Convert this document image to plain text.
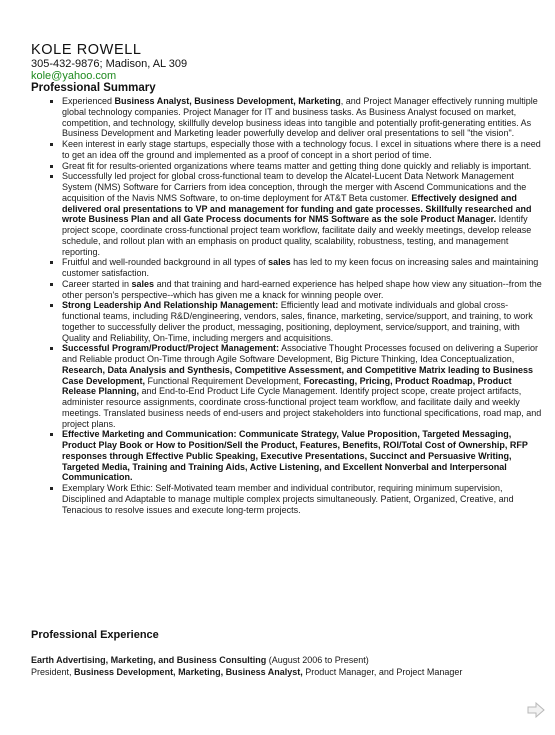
KOLE ROWELL
305-432-9876; Madison, AL 309
kole@yahoo.com
Professional Summary
Experienced Business Analyst, Business Development, Marketing, and Project Manager effectively running multiple global technology companies. Project Manager for IT and business tasks. As Business Analyst focused on market, competition, and technology, skillfully develop business ideas into tangible and potentially profit-generating entities. As Business Development and Marketing leader powerfully develop and deliver oral presentations to sell "the vision".
Keen interest in early stage startups, especially those with a technology focus. I excel in situations where there is a need to get an idea off the ground and implemented as a proof of concept in a short period of time.
Great fit for results-oriented organizations where teams matter and getting thing done quickly and reliably is important.
Successfully led project for global cross-functional team to develop the Alcatel-Lucent Data Network Management System (NMS) Software for Carriers from idea conception, through the merger with Ascend Communications and the acquisition of the Navis NMS Software, to on-time deployment for AT&T Beta customer. Effectively designed and delivered oral presentations to VP and management for funding and gate processes. Skillfully researched and wrote Business Plan and all Gate Process documents for NMS Software as the sole Product Manager. Identify project scope, coordinate cross-functional project team workflow, facilitate daily and weekly meetings, develop release schedule, and rollout plan with an emphasis on product quality, scalability, robustness, testing, and management reporting.
Fruitful and well-rounded background in all types of sales has led to my keen focus on increasing sales and maintaining customer satisfaction.
Career started in sales and that training and hard-earned experience has helped shape how view any situation--from the other person's perspective--which has given me a knack for winning people over.
Strong Leadership And Relationship Management: Efficiently lead and motivate individuals and global cross-functional teams, including R&D/engineering, vendors, sales, finance, marketing, service/support, and training, to work together to successfully deliver the product, messaging, positioning, deployment, service/support, and training, with Quality and Reliability, On-Time, including mergers and acquisitions.
Successful Program/Product/Project Management: Associative Thought Processes focused on delivering a Superior and Reliable product On-Time through Agile Software Development, Big Picture Thinking, Idea Conceptualization, Research, Data Analysis and Synthesis, Competitive Assessment, and Competitive Matrix leading to Business Case Development, Functional Requirement Development, Forecasting, Pricing, Product Roadmap, Product Release Planning, and End-to-End Product Life Cycle Management. Identify project scope, create project artifacts, administer resource assignments, coordinate cross-functional project team workflow, and facilitate daily and weekly meetings. Translated business needs of end-users and project stakeholders into functional specifications, road map, and project plans.
Effective Marketing and Communication: Communicate Strategy, Value Proposition, Targeted Messaging, Product Play Book or How to Position/Sell the Product, Features, Benefits, ROI/Total Cost of Ownership, RFP responses through Effective Public Speaking, Executive Presentations, Succinct and Persuasive Writing, Targeted Media, Training and Training Aids, Active Listening, and Excellent Nonverbal and Interpersonal Communication.
Exemplary Work Ethic: Self-Motivated team member and individual contributor, requiring minimum supervision, Disciplined and Adaptable to manage multiple complex projects simultaneously. Patient, Organized, Creative, and Tenacious to resolve issues and execute long-term projects.
Professional Experience
Earth Advertising, Marketing, and Business Consulting (August 2006 to Present)
President, Business Development, Marketing, Business Analyst, Product Manager, and Project Manager
